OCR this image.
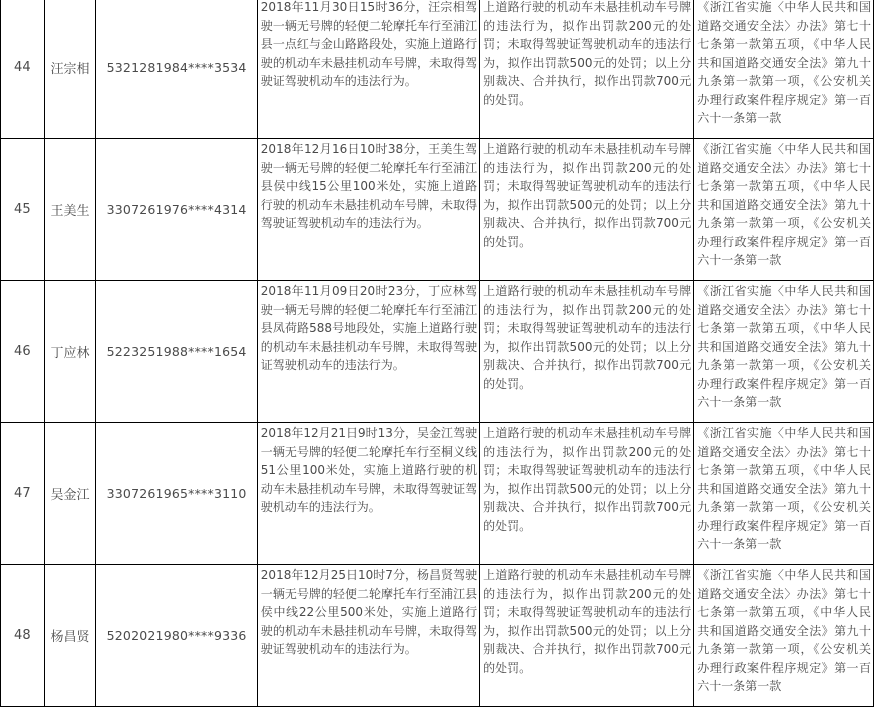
44	汪宗相	5321281984****3534	2018年11月30日15时36分，汪宗相驾驶一辆无号牌的轻便二轮摩托车行至浦江县一点红与金山路路段处，实施上道路行驶的机动车未悬挂机动车号牌，未取得驾驶证驾驶机动车的违法行为。	上道路行驶的机动车未悬挂机动车号牌的违法行为，拟作出罚款200元的处罚；未取得驾驶证驾驶机动车的违法行为，拟作出罚款500元的处罚；以上分别裁决、合并执行，拟作出罚款700元的处罚。	《浙江省实施〈中华人民共和国道路交通安全法〉办法》第七十七条第一款第五项，《中华人民共和国道路交通安全法》第九十九条第一款第一项，《公安机关办理行政案件程序规定》第一百六十一条第一款

45	王美生	3307261976****4314	2018年12月16日10时38分，王美生驾驶一辆无号牌的轻便二轮摩托车行至浦江县侯中线15公里100米处，实施上道路行驶的机动车未悬挂机动车号牌，未取得驾驶证驾驶机动车的违法行为。	上道路行驶的机动车未悬挂机动车号牌的违法行为，拟作出罚款200元的处罚；未取得驾驶证驾驶机动车的违法行为，拟作出罚款500元的处罚；以上分别裁决、合并执行，拟作出罚款700元的处罚。	《浙江省实施〈中华人民共和国道路交通安全法〉办法》第七十七条第一款第五项，《中华人民共和国道路交通安全法》第九十九条第一款第一项，《公安机关办理行政案件程序规定》第一百六十一条第一款

46	丁应林	5223251988****1654	2018年11月09日20时23分，丁应林驾驶一辆无号牌的轻便二轮摩托车行至浦江县凤荷路588号地段处，实施上道路行驶的机动车未悬挂机动车号牌，未取得驾驶证驾驶机动车的违法行为。	上道路行驶的机动车未悬挂机动车号牌的违法行为，拟作出罚款200元的处罚；未取得驾驶证驾驶机动车的违法行为，拟作出罚款500元的处罚；以上分别裁决、合并执行，拟作出罚款700元的处罚。	《浙江省实施〈中华人民共和国道路交通安全法〉办法》第七十七条第一款第五项，《中华人民共和国道路交通安全法》第九十九条第一款第一项，《公安机关办理行政案件程序规定》第一百六十一条第一款

47	吴金江	3307261965****3110	2018年12月21日9时13分，吴金江驾驶一辆无号牌的轻便二轮摩托车行至桐义线51公里100米处，实施上道路行驶的机动车未悬挂机动车号牌，未取得驾驶证驾驶机动车的违法行为。	上道路行驶的机动车未悬挂机动车号牌的违法行为，拟作出罚款200元的处罚；未取得驾驶证驾驶机动车的违法行为，拟作出罚款500元的处罚；以上分别裁决、合并执行，拟作出罚款700元的处罚。	《浙江省实施〈中华人民共和国道路交通安全法〉办法》第七十七条第一款第五项，《中华人民共和国道路交通安全法》第九十九条第一款第一项，《公安机关办理行政案件程序规定》第一百六十一条第一款

48	杨昌贤	5202021980****9336	2018年12月25日10时7分，杨昌贤驾驶一辆无号牌的轻便二轮摩托车行至浦江县侯中线22公里500米处，实施上道路行驶的机动车未悬挂机动车号牌，未取得驾驶证驾驶机动车的违法行为。	上道路行驶的机动车未悬挂机动车号牌的违法行为，拟作出罚款200元的处罚；未取得驾驶证驾驶机动车的违法行为，拟作出罚款500元的处罚；以上分别裁决、合并执行，拟作出罚款700元的处罚。	《浙江省实施〈中华人民共和国道路交通安全法〉办法》第七十七条第一款第五项，《中华人民共和国道路交通安全法》第九十九条第一款第一项，《公安机关办理行政案件程序规定》第一百六十一条第一款
